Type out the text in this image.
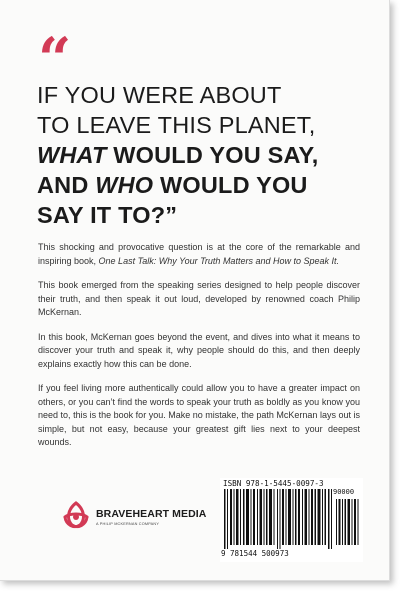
“
IF YOU WERE ABOUT
TO LEAVE THIS PLANET,
WHAT WOULD YOU SAY,
AND WHO WOULD YOU
SAY IT TO?”

This shocking and provocative question is at the core of the remarkable and inspiring book, One Last Talk: Why Your Truth Matters and How to Speak It.

This book emerged from the speaking series designed to help people discover their truth, and then speak it out loud, developed by renowned coach Philip McKernan.

In this book, McKernan goes beyond the event, and dives into what it means to discover your truth and speak it, why people should do this, and then deeply explains exactly how this can be done.

If you feel living more authentically could allow you to have a greater impact on others, or you can’t find the words to speak your truth as boldly as you know you need to, this is the book for you. Make no mistake, the path McKernan lays out is simple, but not easy, because your greatest gift lies next to your deepest wounds.

BRAVEHEART MEDIA
A PHILIP MCKERNAN COMPANY
ISBN 978-1-5445-0097-3
90000
9 781544 500973
